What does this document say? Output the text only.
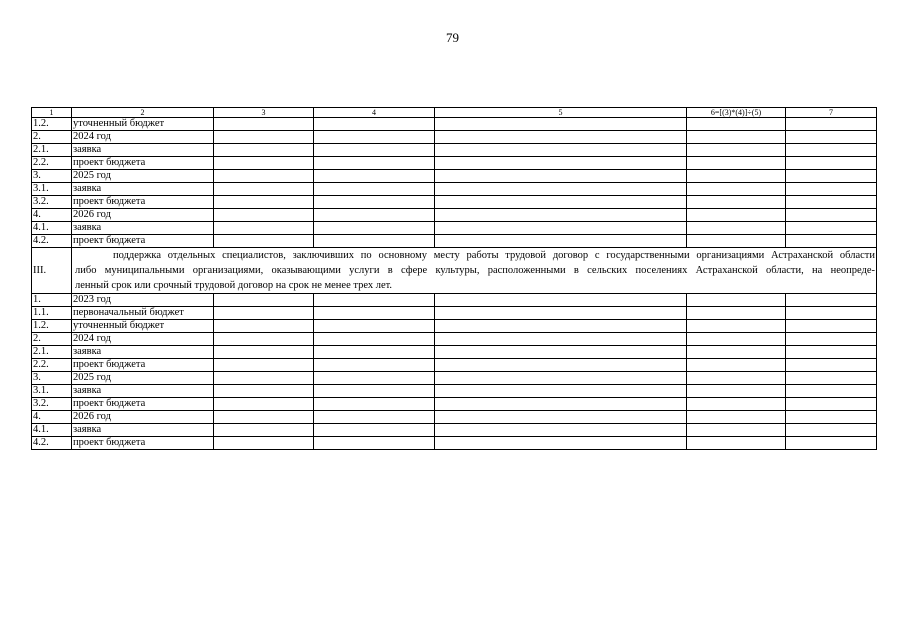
79
1	2	3	4	5	6=[(3)*(4)]÷(5)	7
1.2.	уточненный бюджет					
2.	2024 год					
2.1.	заявка					
2.2.	проект бюджета					
3.	2025 год					
3.1.	заявка					
3.2.	проект бюджета					
4.	2026 год					
4.1.	заявка					
4.2.	проект бюджета					
III.	поддержка отдельных специалистов, заключивших по основному месту работы трудовой договор с государственными организациями Астраханской области
либо муниципальными организациями, оказывающими услуги в сфере культуры, расположенными в сельских поселениях Астраханской области, на неопреде-
ленный срок или срочный трудовой договор на срок не менее трех лет.					

1.	2023 год					
1.1.	первоначальный бюджет					
1.2.	уточненный бюджет					
2.	2024 год					
2.1.	заявка					
2.2.	проект бюджета					
3.	2025 год					
3.1.	заявка					
3.2.	проект бюджета					
4.	2026 год					
4.1.	заявка					
4.2.	проект бюджета					
